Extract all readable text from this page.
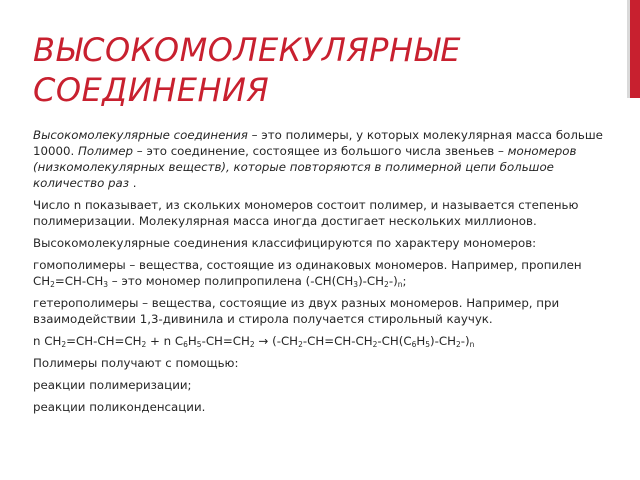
ВЫСОКОМОЛЕКУЛЯРНЫЕ СОЕДИНЕНИЯ

Высокомолекулярные соединения – это полимеры, у которых молекулярная масса больше 10000. Полимер – это соединение, состоящее из большого числа звеньев – мономеров (низкомолекулярных веществ), которые повторяются в полимерной цепи большое количество раз .

Число n показывает, из скольких мономеров состоит полимер, и называется степенью полимеризации. Молекулярная масса иногда достигает нескольких миллионов.

Высокомолекулярные соединения классифицируются по характеру мономеров:

гомополимеры – вещества, состоящие из одинаковых мономеров. Например, пропилен $CH_2=CH-CH_3$ – это мономер полипропилена $(-CH(CH_3)-CH_2-)_n$;

гетерополимеры – вещества, состоящие из двух разных мономеров. Например, при взаимодействии 1,3-дивинила и стирола получается стирольный каучук.

n $CH_2=CH-CH=CH_2 + n$ $C_6H_5-CH=CH_2 \to (-CH_2-CH=CH-CH_2-CH(C_6H_5)-CH_2-)_n$

Полимеры получают с помощью:

реакции полимеризации;

реакции поликонденсации.
